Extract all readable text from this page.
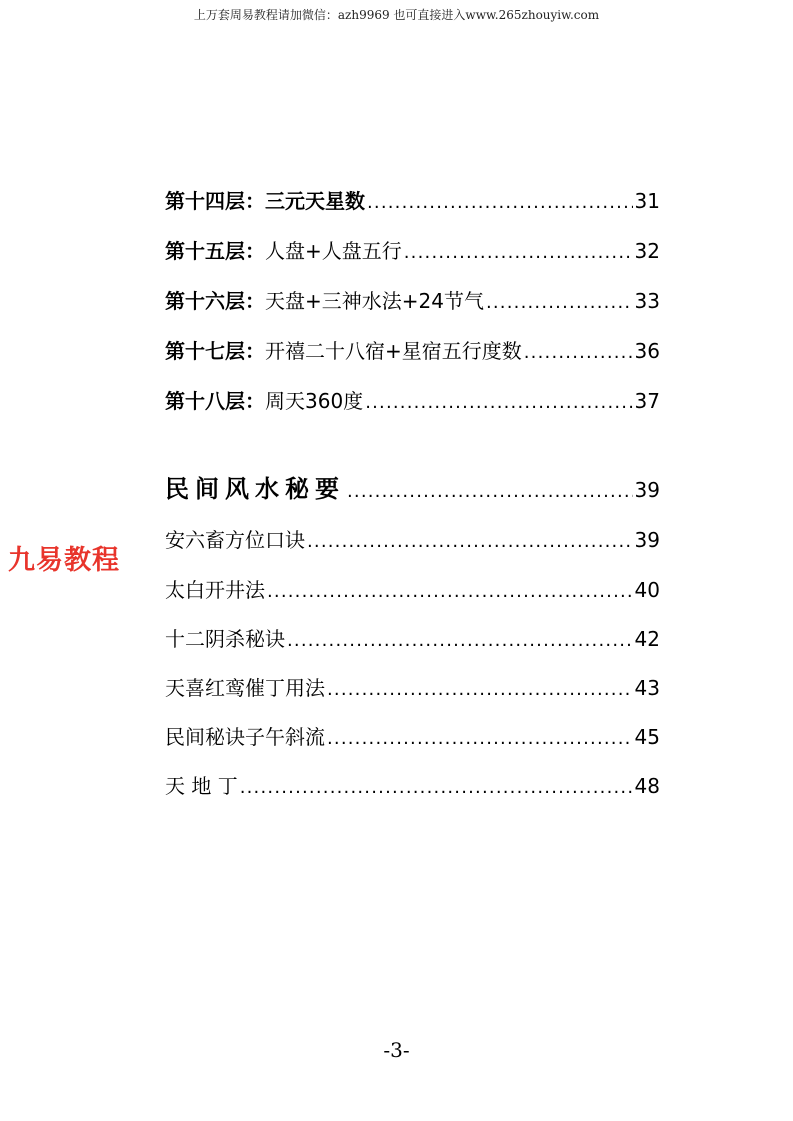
上万套周易教程请加微信：azh9969 也可直接进入www.265zhouyiw.com
九易教程
第十四层：三元天星数 .....	31
第十五层：人盘+人盘五行 .....	32
第十六层：天盘+三神水法+24节气 .....	33
第十七层：开禧二十八宿+星宿五行度数 .....	36
第十八层：周天360度 .....	37
民间风水秘要 .....	39
安六畜方位口诀 .....	39
太白开井法 .....	40
十二阴杀秘诀 .....	42
天喜红鸾催丁用法 .....	43
民间秘诀子午斜流 .....	45
天 地 丁 .....	48
-3-
